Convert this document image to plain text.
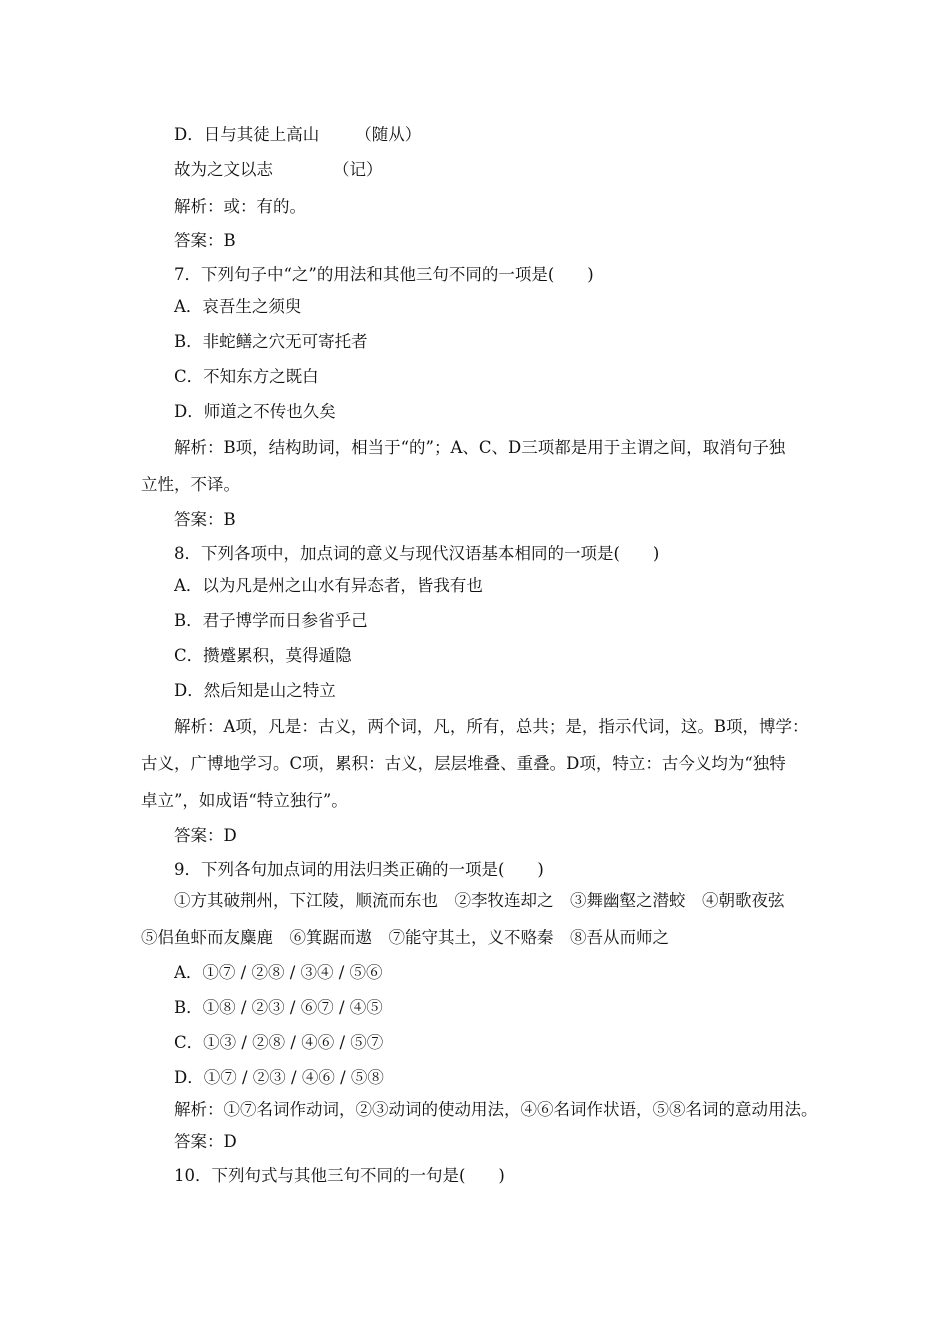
D．日与其徒上高山 （随从）
故为之文以志	（记）
解析：或：有的。
答案：B
7．下列句子中“之”的用法和其他三句不同的一项是(　　)
A．哀吾生之须臾
B．非蛇鳝之穴无可寄托者
C．不知东方之既白
D．师道之不传也久矣
解析：B项，结构助词，相当于“的”；A、C、D三项都是用于主谓之间，取消句子独
立性，不译。
答案：B
8．下列各项中，加点词的意义与现代汉语基本相同的一项是(　　)
A．以为凡是州之山水有异态者，皆我有也
B．君子博学而日参省乎己
C．攒蹙累积，莫得遁隐
D．然后知是山之特立
解析：A项，凡是：古义，两个词，凡，所有，总共；是，指示代词，这。B项，博学：
古义，广博地学习。C项，累积：古义，层层堆叠、重叠。D项，特立：古今义均为“独特
卓立”，如成语“特立独行”。
答案：D
9．下列各句加点词的用法归类正确的一项是(　　)
①方其破荆州，下江陵，顺流而东也　②李牧连却之　③舞幽壑之潜蛟　④朝歌夜弦
⑤侣鱼虾而友麋鹿　⑥箕踞而遨　⑦能守其土，义不赂秦　⑧吾从而师之
A．①⑦ / ②⑧ / ③④ / ⑤⑥
B．①⑧ / ②③ / ⑥⑦ / ④⑤
C．①③ / ②⑧ / ④⑥ / ⑤⑦
D．①⑦ / ②③ / ④⑥ / ⑤⑧
解析：①⑦名词作动词，②③动词的使动用法，④⑥名词作状语，⑤⑧名词的意动用法。
答案：D
10．下列句式与其他三句不同的一句是(　　)
